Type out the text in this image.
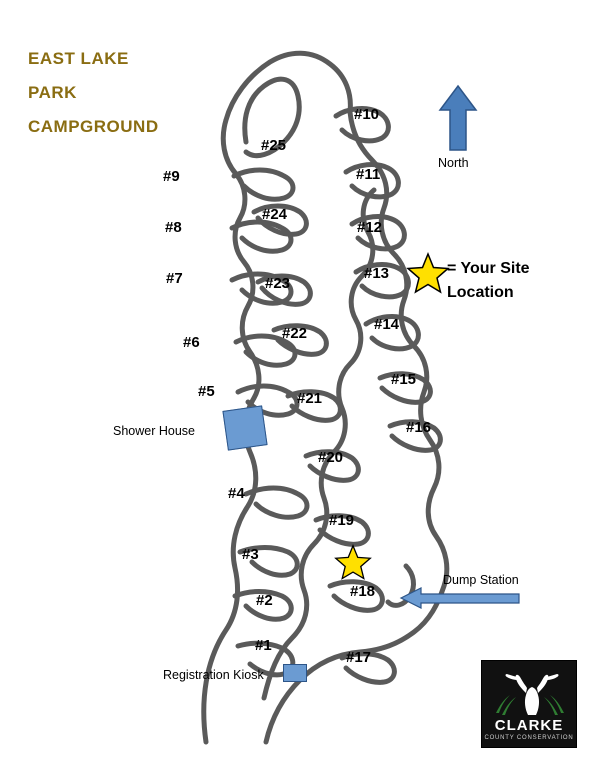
EAST LAKE
PARK
CAMPGROUND
North
= Your Site
Location
Shower House
Registration Kiosk
Dump Station
#1
#2
#3
#4
#5
#6
#7
#8
#9
#10
#11
#12
#13
#14
#15
#16
#17
#18
#19
#20
#21
#22
#23
#24
#25
CLARKE
COUNTY CONSERVATION
